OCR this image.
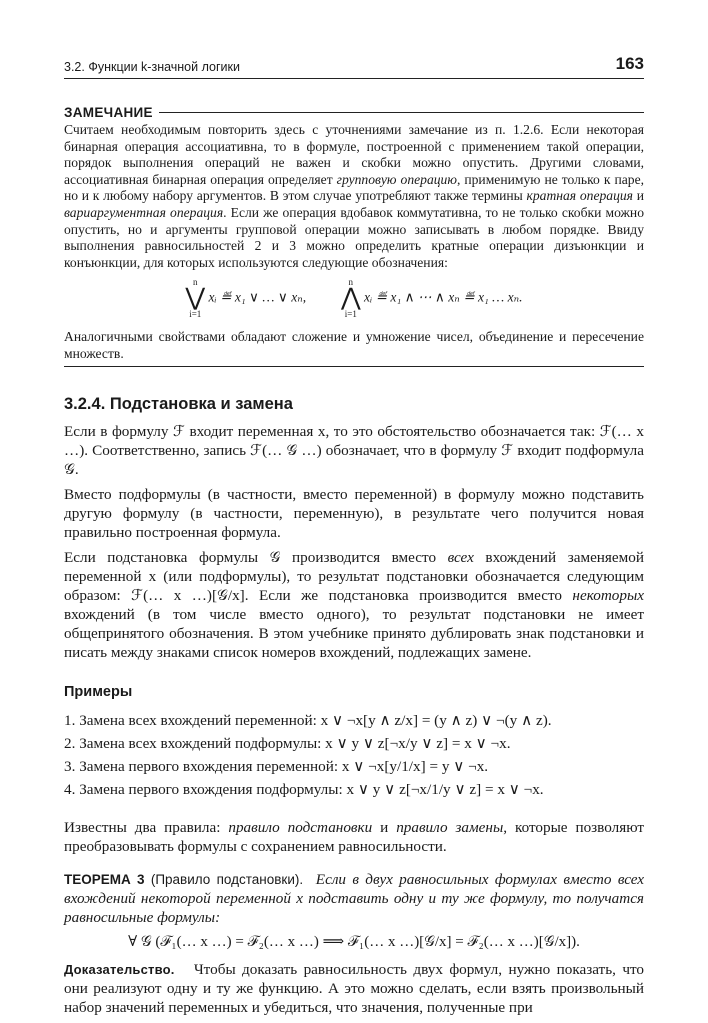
3.2. Функции k-значной логики	163
ЗАМЕЧАНИЕ

Считаем необходимым повторить здесь с уточнениями замечание из п. 1.2.6. Если некоторая бинарная операция ассоциативна, то в формуле, построенной с применением такой операции, порядок выполнения операций не важен и скобки можно опустить. Другими словами, ассоциативная бинарная операция определяет групповую операцию, применимую не только к паре, но и к любому набору аргументов. В этом случае употребляют также термины кратная операция и вариаргументная операция. Если же операция вдобавок коммутативна, то не только скобки можно опустить, но и аргументы групповой операции можно записывать в любом порядке. Ввиду выполнения равносильностей 2 и 3 можно определить кратные операции дизъюнкции и конъюнкции, для которых используются следующие обозначения:

n
⋁
i=1
xᵢ ≝ x₁ ∨ … ∨ xₙ,
n
⋀
i=1
xᵢ ≝ x₁ ∧ ⋯ ∧ xₙ ≝ x₁ … xₙ.

Аналогичными свойствами обладают сложение и умножение чисел, объединение и пересечение множеств.

3.2.4. Подстановка и замена

Если в формулу ℱ входит переменная x, то это обстоятельство обозначается так: ℱ(… x …). Соответственно, запись ℱ(… 𝒢 …) обозначает, что в формулу ℱ входит подформула 𝒢.

Вместо подформулы (в частности, вместо переменной) в формулу можно подставить другую формулу (в частности, переменную), в результате чего получится новая правильно построенная формула.

Если подстановка формулы 𝒢 производится вместо всех вхождений заменяемой переменной x (или подформулы), то результат подстановки обозначается следующим образом: ℱ(… x …)[𝒢/x]. Если же подстановка производится вместо некоторых вхождений (в том числе вместо одного), то результат подстановки не имеет общепринятого обозначения. В этом учебнике принято дублировать знак подстановки и писать между знаками список номеров вхождений, подлежащих замене.

Примеры
1. Замена всех вхождений переменной: x ∨ ¬x[y ∧ z/x] = (y ∧ z) ∨ ¬(y ∧ z).
2. Замена всех вхождений подформулы: x ∨ y ∨ z[¬x/y ∨ z] = x ∨ ¬x.
3. Замена первого вхождения переменной: x ∨ ¬x[y/1/x] = y ∨ ¬x.
4. Замена первого вхождения подформулы: x ∨ y ∨ z[¬x/1/y ∨ z] = x ∨ ¬x.

Известны два правила: правило подстановки и правило замены, которые позволяют преобразовывать формулы с сохранением равносильности.

ТЕОРЕМА 3 (Правило подстановки). Если в двух равносильных формулах вместо всех вхождений некоторой переменной x подставить одну и ту же формулу, то получатся равносильные формулы:

∀ 𝒢 (ℱ₁(… x …) = ℱ₂(… x …) ⟹ ℱ₁(… x …)[𝒢/x] = ℱ₂(… x …)[𝒢/x]).

Доказательство. Чтобы доказать равносильность двух формул, нужно показать, что они реализуют одну и ту же функцию. А это можно сделать, если взять произвольный набор значений переменных и убедиться, что значения, полученные при
